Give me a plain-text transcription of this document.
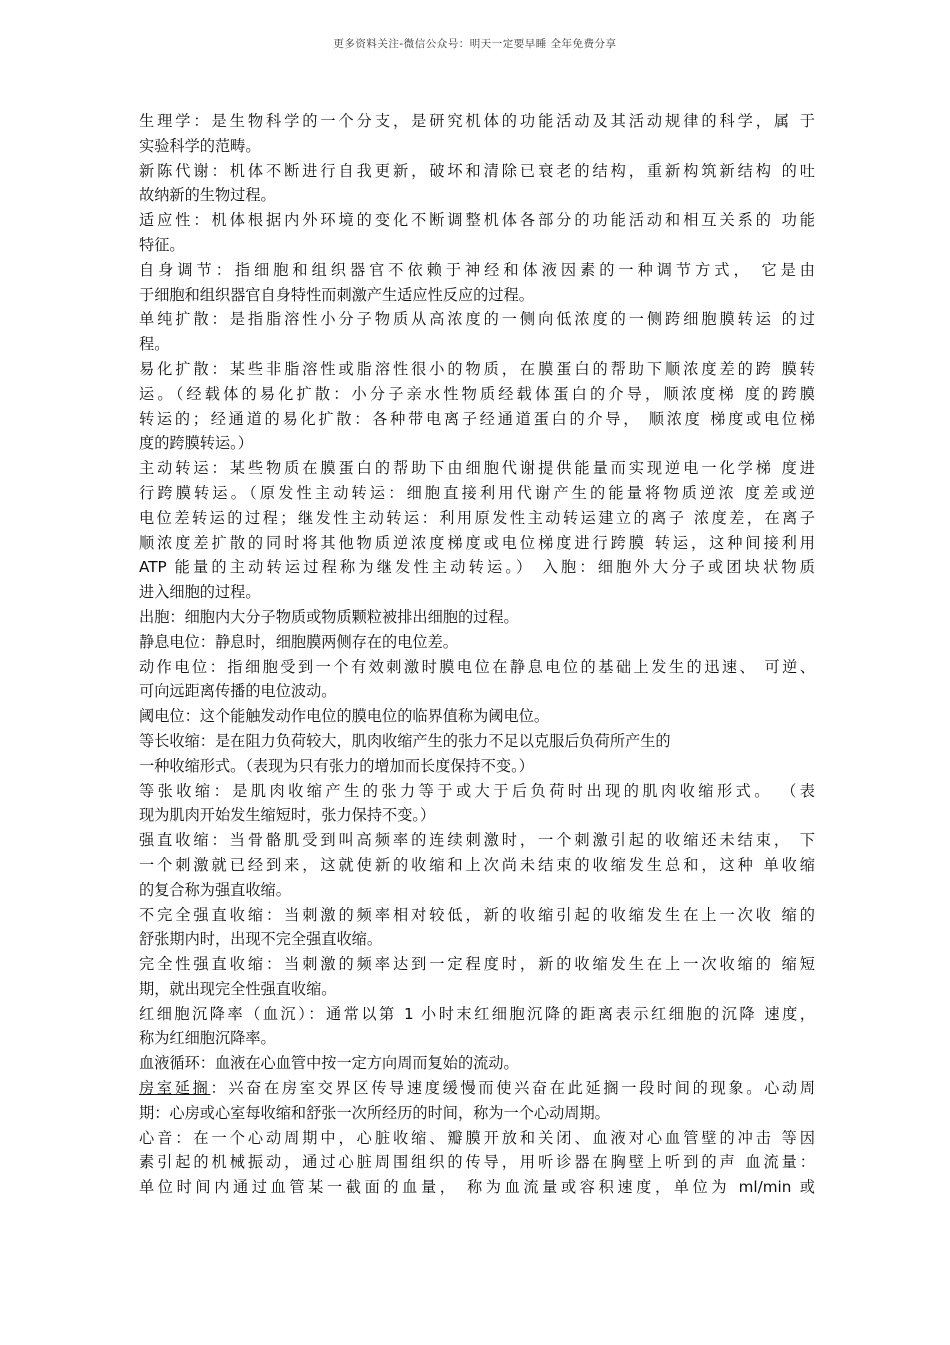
更多资料关注-微信公众号：明天一定要早睡 全年免费分享
生理学：是生物科学的一个分支，是研究机体的功能活动及其活动规律的科学，属 于
实验科学的范畴。
新陈代谢：机体不断进行自我更新，破坏和清除已衰老的结构，重新构筑新结构 的吐
故纳新的生物过程。
适应性：机体根据内外环境的变化不断调整机体各部分的功能活动和相互关系的 功能
特征。
自身调节：指细胞和组织器官不依赖于神经和体液因素的一种调节方式， 它是由
于细胞和组织器官自身特性而刺激产生适应性反应的过程。
单纯扩散：是指脂溶性小分子物质从高浓度的一侧向低浓度的一侧跨细胞膜转运 的过
程。
易化扩散：某些非脂溶性或脂溶性很小的物质，在膜蛋白的帮助下顺浓度差的跨 膜转
运。（经载体的易化扩散：小分子亲水性物质经载体蛋白的介导，顺浓度梯 度的跨膜
转运的；经通道的易化扩散：各种带电离子经通道蛋白的介导， 顺浓度 梯度或电位梯
度的跨膜转运。）
主动转运：某些物质在膜蛋白的帮助下由细胞代谢提供能量而实现逆电一化学梯 度进
行跨膜转运。（原发性主动转运：细胞直接利用代谢产生的能量将物质逆浓 度差或逆
电位差转运的过程；继发性主动转运：利用原发性主动转运建立的离子 浓度差，在离子
顺浓度差扩散的同时将其他物质逆浓度梯度或电位梯度进行跨膜 转运，这种间接利用
ATP 能量的主动转运过程称为继发性主动转运。） 入胞：细胞外大分子或团块状物质
进入细胞的过程。
出胞：细胞内大分子物质或物质颗粒被排出细胞的过程。
静息电位：静息时，细胞膜两侧存在的电位差。
动作电位：指细胞受到一个有效刺激时膜电位在静息电位的基础上发生的迅速、 可逆、
可向远距离传播的电位波动。
阈电位：这个能触发动作电位的膜电位的临界值称为阈电位。
等长收缩：是在阻力负荷较大，肌肉收缩产生的张力不足以克服后负荷所产生的
一种收缩形式。（表现为只有张力的增加而长度保持不变。）
等张收缩：是肌肉收缩产生的张力等于或大于后负荷时出现的肌肉收缩形式。 （表
现为肌肉开始发生缩短时，张力保持不变。）
强直收缩：当骨骼肌受到叫高频率的连续刺激时，一个刺激引起的收缩还未结束， 下
一个刺激就已经到来，这就使新的收缩和上次尚未结束的收缩发生总和，这种 单收缩
的复合称为强直收缩。
不完全强直收缩：当刺激的频率相对较低，新的收缩引起的收缩发生在上一次收 缩的
舒张期内时，出现不完全强直收缩。
完全性强直收缩：当刺激的频率达到一定程度时，新的收缩发生在上一次收缩的 缩短
期，就出现完全性强直收缩。
红细胞沉降率（血沉）：通常以第 1 小时末红细胞沉降的距离表示红细胞的沉降 速度，
称为红细胞沉降率。
血液循环：血液在心血管中按一定方向周而复始的流动。
房室延搁：兴奋在房室交界区传导速度缓慢而使兴奋在此延搁一段时间的现象。心动周
期：心房或心室每收缩和舒张一次所经历的时间，称为一个心动周期。
心音：在一个心动周期中，心脏收缩、瓣膜开放和关闭、血液对心血管壁的冲击 等因
素引起的机械振动，通过心脏周围组织的传导，用听诊器在胸壁上听到的声 血流量：
单位时间内通过血管某一截面的血量， 称为血流量或容积速度，单位为 ml/min 或
